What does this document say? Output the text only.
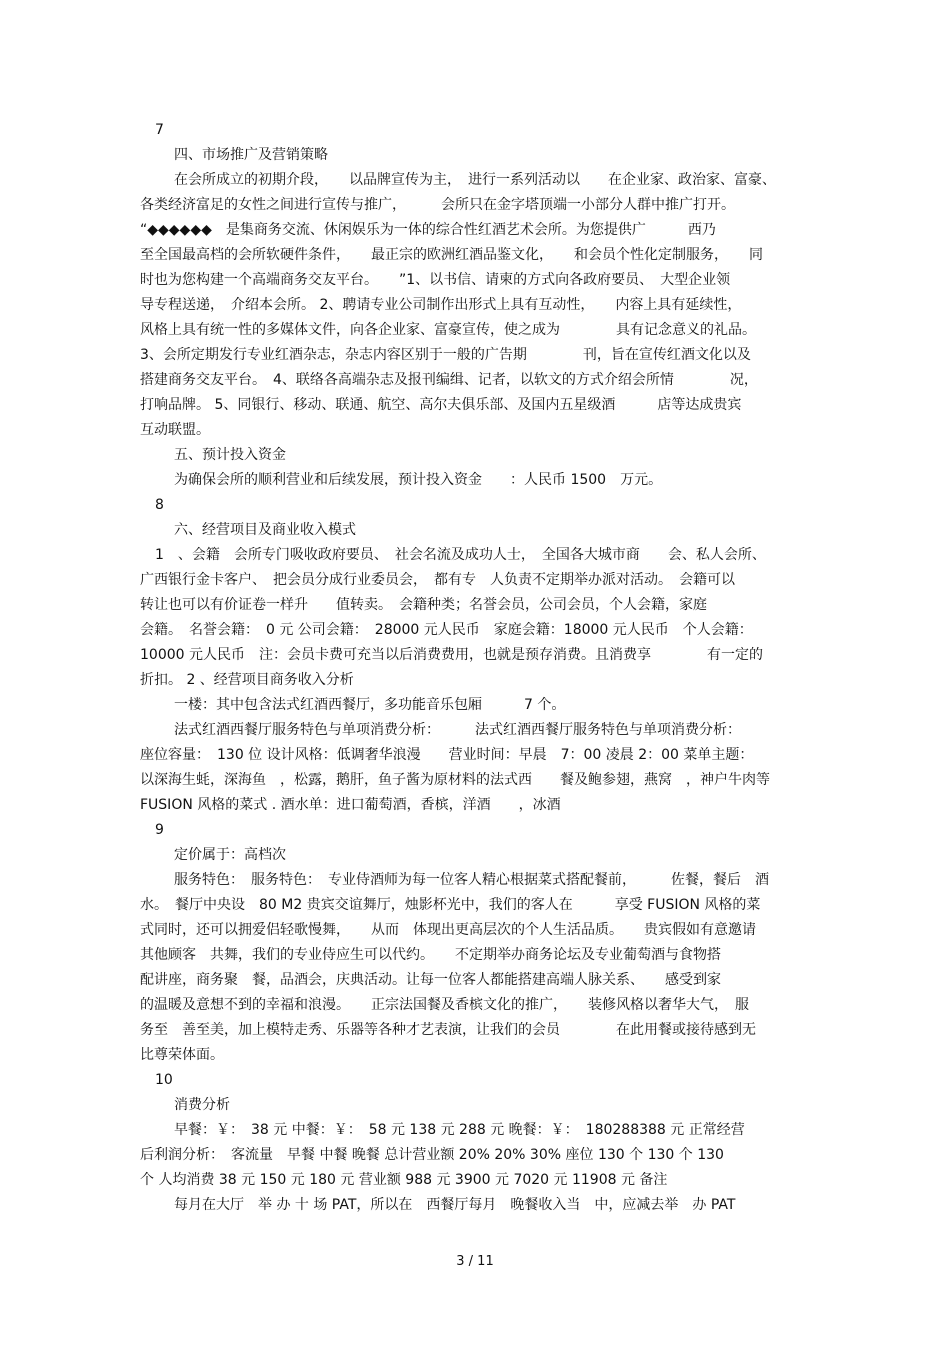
7
四、市场推广及营销策略
在会所成立的初期介段，　　以品牌宣传为主，　进行一系列活动以　　在企业家、政治家、富豪、
各类经济富足的女性之间进行宣传与推广，　　　会所只在金字塔顶端一小部分人群中推广打开。
“◆◆◆◆◆◆　是集商务交流、休闲娱乐为一体的综合性红酒艺术会所。为您提供广　　　西乃
至全国最高档的会所软硬件条件，　　最正宗的欧洲红酒品鉴文化，　　和会员个性化定制服务，　　同
时也为您构建一个高端商务交友平台。　　”1、以书信、请柬的方式向各政府要员、　大型企业领
导专程送递，　介绍本会所。 2、聘请专业公司制作出形式上具有互动性，　　内容上具有延续性，
风格上具有统一性的多媒体文件，向各企业家、富豪宣传，使之成为　　　　具有记念意义的礼品。
3、会所定期发行专业红酒杂志，杂志内容区别于一般的广告期　　　　刊，旨在宣传红酒文化以及
搭建商务交友平台。　4、联络各高端杂志及报刊编缉、记者，以软文的方式介绍会所情　　　　况，
打响品牌。 5、同银行、移动、联通、航空、高尔夫俱乐部、及国内五星级酒　　　店等达成贵宾
互动联盟。
五、预计投入资金
为确保会所的顺利营业和后续发展，预计投入资金　　：人民币 1500　万元。
8
六、经营项目及商业收入模式
1　、会籍　会所专门吸收政府要员、　社会名流及成功人士，　全国各大城市商　　会、私人会所、
广西银行金卡客户、　把会员分成行业委员会，　都有专　人负责不定期举办派对活动。　会籍可以
转让也可以有价证卷一样升　　值转卖。　会籍种类；名誉会员，公司会员，个人会籍，家庭
会籍。　名誉会籍：　0 元 公司会籍：　28000 元人民币　家庭会籍：18000 元人民币　个人会籍：
10000 元人民币　注：会员卡费可充当以后消费费用，也就是预存消费。且消费享　　　　有一定的
折扣。 2 、经营项目商务收入分析
一楼：其中包含法式红酒西餐厅，多功能音乐包厢　　　7 个。
法式红酒西餐厅服务特色与单项消费分析：　　　法式红酒西餐厅服务特色与单项消费分析：
座位容量：　130 位 设计风格：低调奢华浪漫　　营业时间：早晨　7：00 凌晨 2：00 菜单主题：
以深海生蚝，深海鱼　，松露，鹅肝，鱼子酱为原材料的法式西　　餐及鲍参翅，燕窝　，神户牛肉等
FUSION 风格的菜式 . 酒水单：进口葡萄酒，香槟，洋酒　　，冰酒
9
定价属于：高档次
服务特色：　服务特色：　专业侍酒师为每一位客人精心根据菜式搭配餐前，　　　佐餐，餐后　酒
水。　餐厅中央设　80 M2 贵宾交谊舞厅，烛影杯光中，我们的客人在　　　享受 FUSION 风格的菜
式同时，还可以拥爱侣轻歌慢舞，　　从而　体现出更高层次的个人生活品质。　　贵宾假如有意邀请
其他顾客　共舞，我们的专业侍应生可以代约。　　不定期举办商务论坛及专业葡萄酒与食物搭
配讲座，商务聚　餐，品酒会，庆典活动。让每一位客人都能搭建高端人脉关系、　　感受到家
的温暖及意想不到的幸福和浪漫。　　正宗法国餐及香槟文化的推广，　　装修风格以奢华大气，　服
务至　善至美，加上模特走秀、乐器等各种才艺表演，让我们的会员　　　　在此用餐或接待感到无
比尊荣体面。
10
消费分析
早餐：￥：　38 元 中餐：￥：　58 元 138 元 288 元 晚餐：￥：　180288388 元 正常经营
后利润分析：　客流量　早餐 中餐 晚餐 总计营业额 20% 20% 30% 座位 130 个 130 个 130
个 人均消费 38 元 150 元 180 元 营业额 988 元 3900 元 7020 元 11908 元 备注
每月在大厅　举 办 十 场 PAT，所以在　西餐厅每月　晚餐收入当　中，应减去举　办 PAT
3 / 11
